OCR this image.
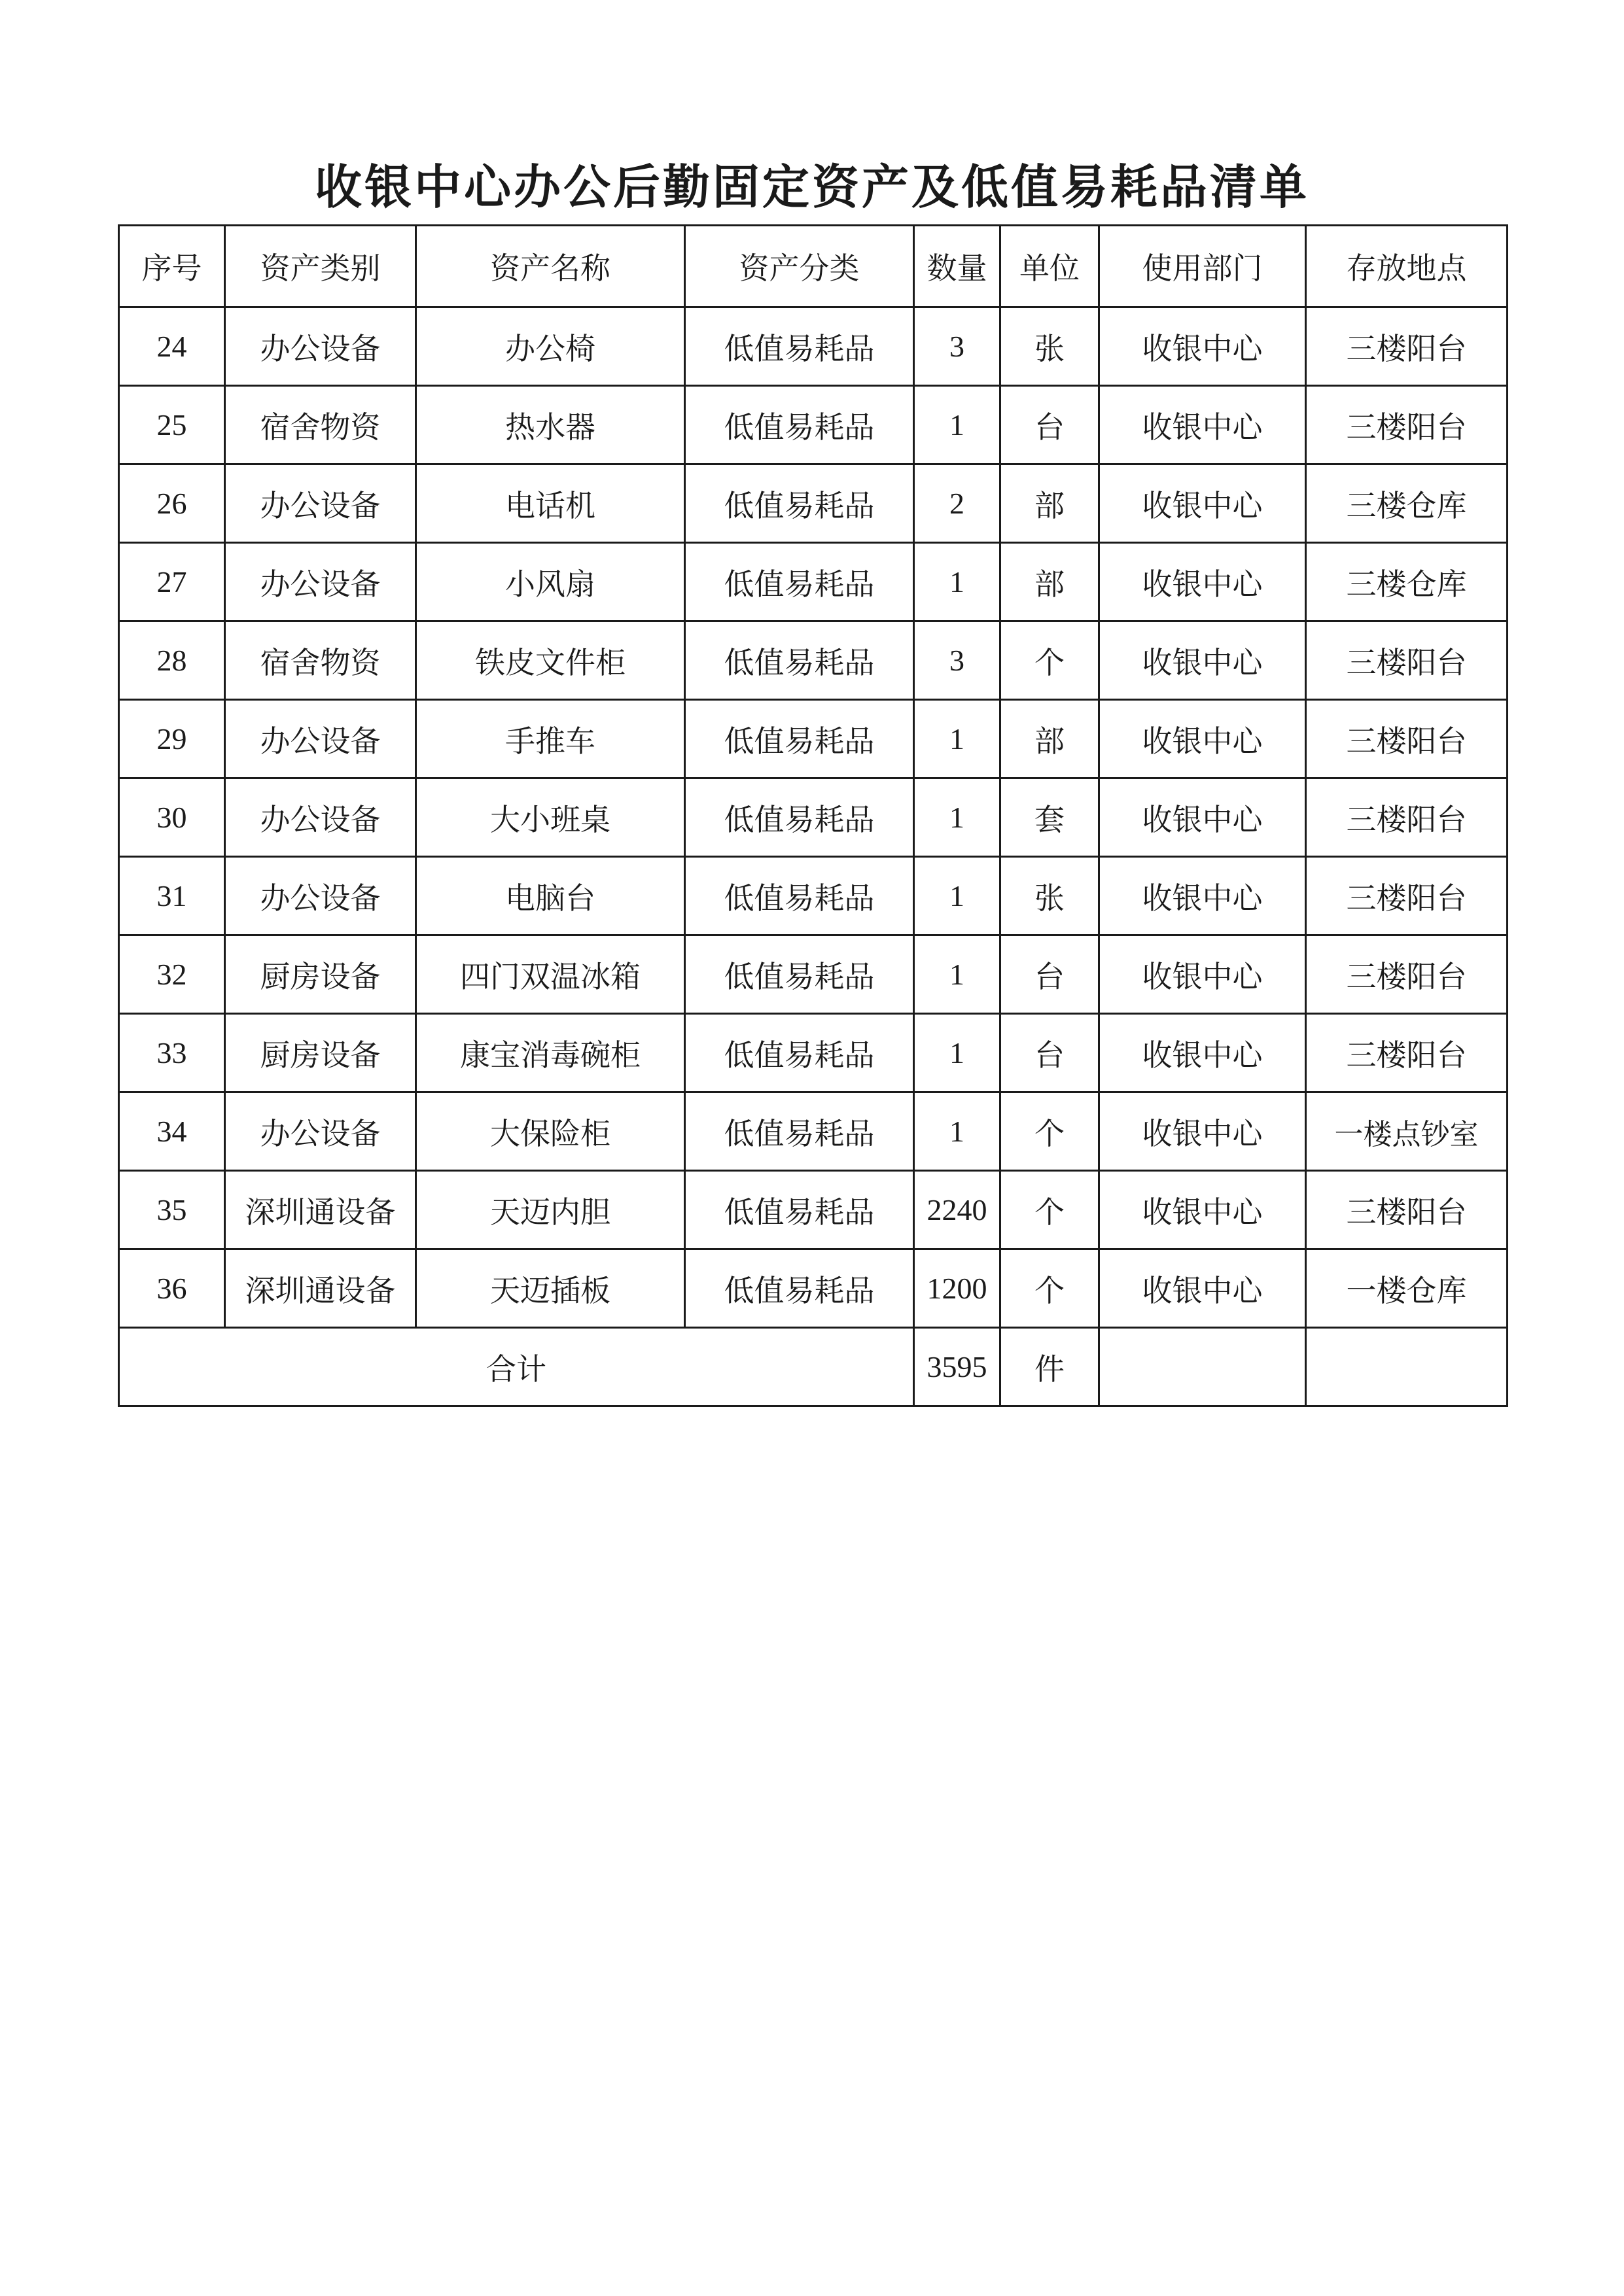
收银中心办公后勤固定资产及低值易耗品清单
序号	资产类别	资产名称	资产分类	数量	单位	使用部门	存放地点
24	办公设备	办公椅	低值易耗品	3	张	收银中心	三楼阳台
25	宿舍物资	热水器	低值易耗品	1	台	收银中心	三楼阳台
26	办公设备	电话机	低值易耗品	2	部	收银中心	三楼仓库
27	办公设备	小风扇	低值易耗品	1	部	收银中心	三楼仓库
28	宿舍物资	铁皮文件柜	低值易耗品	3	个	收银中心	三楼阳台
29	办公设备	手推车	低值易耗品	1	部	收银中心	三楼阳台
30	办公设备	大小班桌	低值易耗品	1	套	收银中心	三楼阳台
31	办公设备	电脑台	低值易耗品	1	张	收银中心	三楼阳台
32	厨房设备	四门双温冰箱	低值易耗品	1	台	收银中心	三楼阳台
33	厨房设备	康宝消毒碗柜	低值易耗品	1	台	收银中心	三楼阳台
34	办公设备	大保险柜	低值易耗品	1	个	收银中心	一楼点钞室
35	深圳通设备	天迈内胆	低值易耗品	2240	个	收银中心	三楼阳台
36	深圳通设备	天迈插板	低值易耗品	1200	个	收银中心	一楼仓库
合计				3595	件		
